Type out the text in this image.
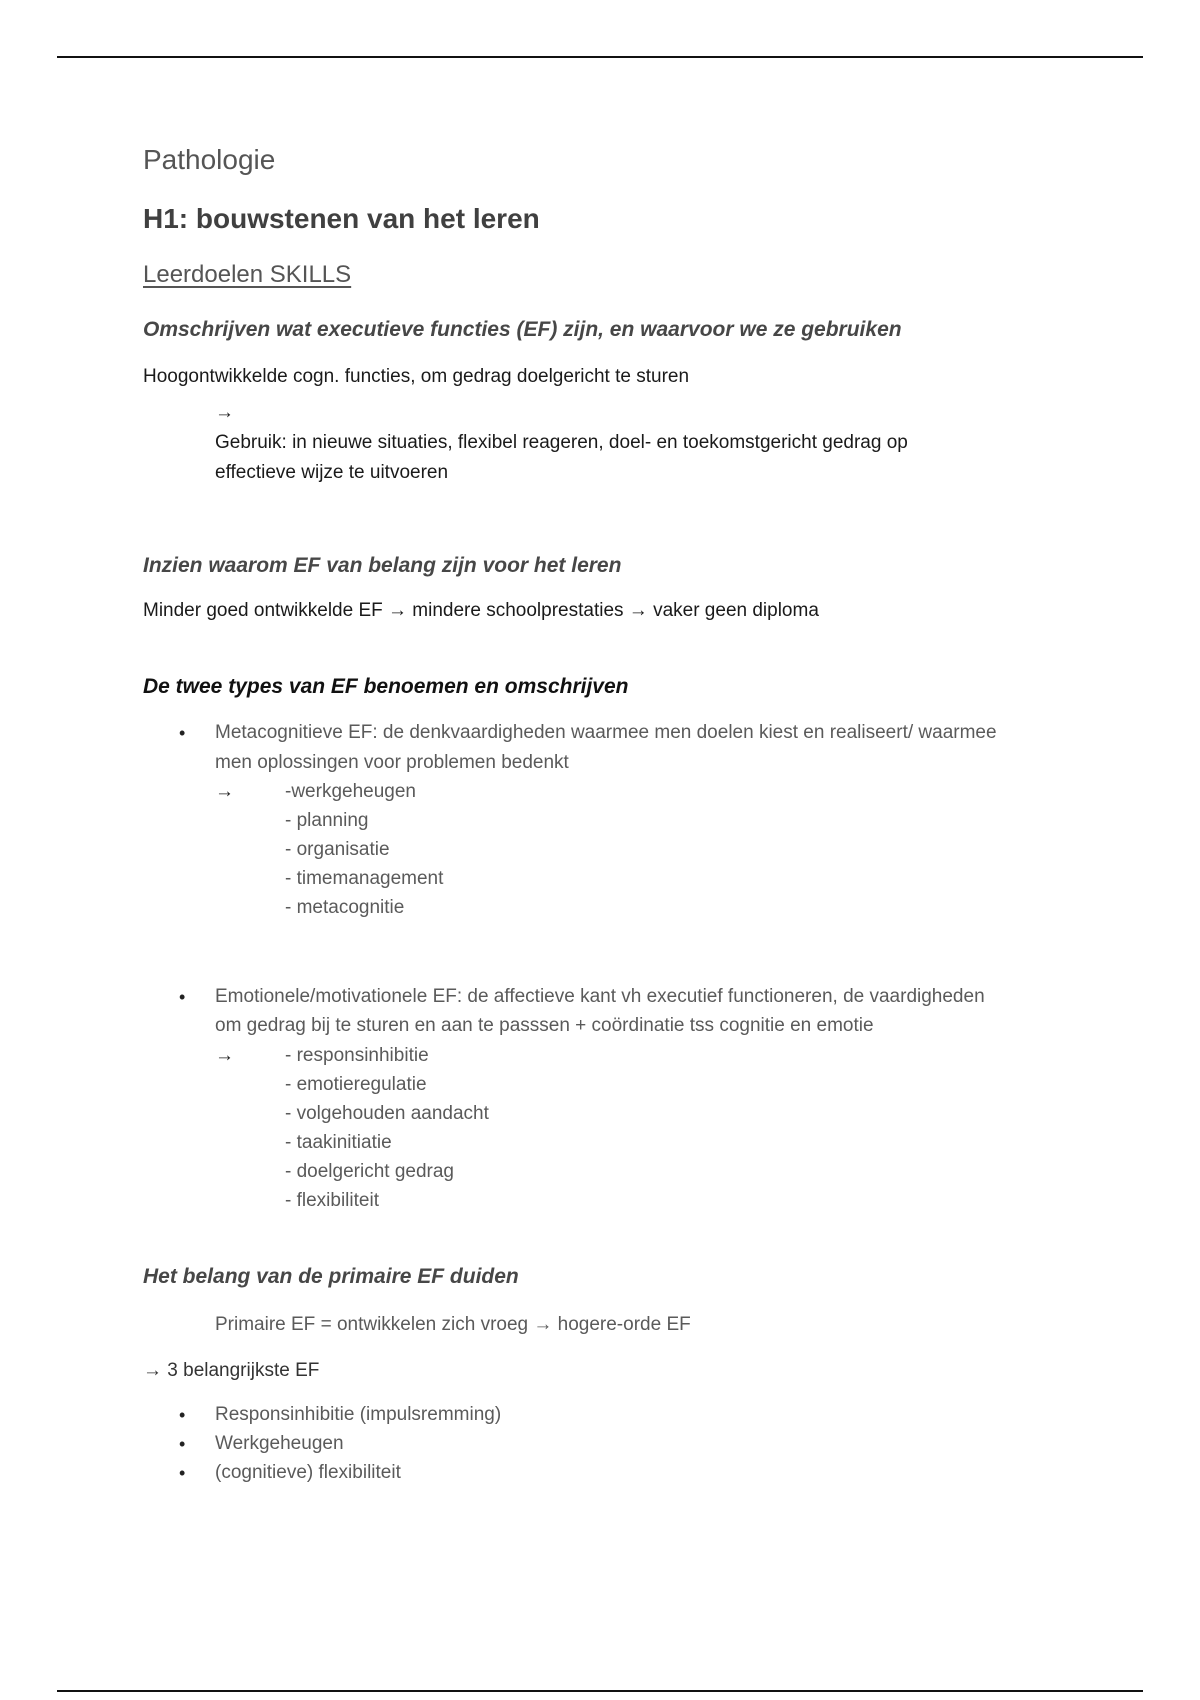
Pathologie
H1: bouwstenen van het leren
Leerdoelen SKILLS
Omschrijven wat executieve functies (EF) zijn, en waarvoor we ze gebruiken
Hoogontwikkelde cogn. functies, om gedrag doelgericht te sturen
→
Gebruik: in nieuwe situaties, flexibel reageren, doel- en toekomstgericht gedrag op
effectieve wijze te uitvoeren
Inzien waarom EF van belang zijn voor het leren
Minder goed ontwikkelde EF → mindere schoolprestaties → vaker geen diploma
De twee types van EF benoemen en omschrijven
• Metacognitieve EF: de denkvaardigheden waarmee men doelen kiest en realiseert/ waarmee
men oplossingen voor problemen bedenkt
→	-werkgeheugen
- planning
- organisatie
- timemanagement
- metacognitie
• Emotionele/motivationele EF: de affectieve kant vh executief functioneren, de vaardigheden
om gedrag bij te sturen en aan te passsen + coördinatie tss cognitie en emotie
→	- responsinhibitie
- emotieregulatie
- volgehouden aandacht
- taakinitiatie
- doelgericht gedrag
- flexibiliteit
Het belang van de primaire EF duiden
Primaire EF = ontwikkelen zich vroeg → hogere-orde EF
→ 3 belangrijkste EF
• Responsinhibitie (impulsremming)
• Werkgeheugen
• (cognitieve) flexibiliteit
